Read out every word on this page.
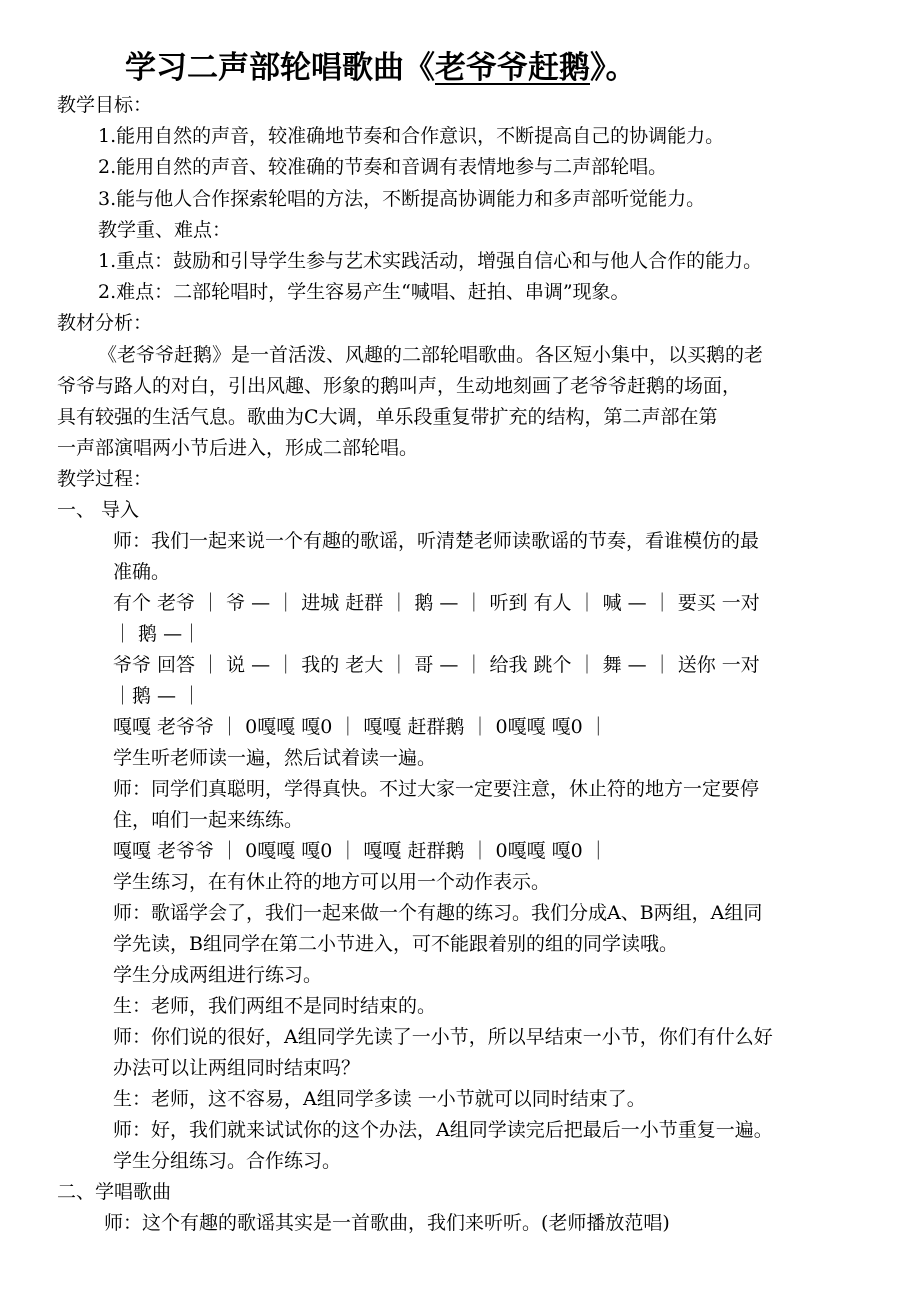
学习二声部轮唱歌曲《老爷爷赶鹅》。
教学目标：
1.能用自然的声音，较准确地节奏和合作意识，不断提高自己的协调能力。
2.能用自然的声音、较准确的节奏和音调有表情地参与二声部轮唱。
3.能与他人合作探索轮唱的方法，不断提高协调能力和多声部听觉能力。
教学重、难点：
1.重点：鼓励和引导学生参与艺术实践活动，增强自信心和与他人合作的能力。
2.难点：二部轮唱时，学生容易产生“喊唱、赶拍、串调”现象。
教材分析：
《老爷爷赶鹅》是一首活泼、风趣的二部轮唱歌曲。各区短小集中，以买鹅的老
爷爷与路人的对白，引出风趣、形象的鹅叫声，生动地刻画了老爷爷赶鹅的场面，
具有较强的生活气息。歌曲为C大调，单乐段重复带扩充的结构，第二声部在第
一声部演唱两小节后进入，形成二部轮唱。
教学过程：
一、 导入
师：我们一起来说一个有趣的歌谣，听清楚老师读歌谣的节奏，看谁模仿的最
准确。
有个 老爷 ｜ 爷 — ｜ 进城 赶群 ｜ 鹅 — ｜ 听到 有人 ｜ 喊 — ｜ 要买 一对
｜ 鹅 —｜
爷爷 回答 ｜ 说 — ｜ 我的 老大 ｜ 哥 — ｜ 给我 跳个 ｜ 舞 — ｜ 送你 一对
｜鹅 — ｜
嘎嘎 老爷爷 ｜ 0嘎嘎 嘎0 ｜ 嘎嘎 赶群鹅 ｜ 0嘎嘎 嘎0 ｜
学生听老师读一遍，然后试着读一遍。
师：同学们真聪明，学得真快。不过大家一定要注意，休止符的地方一定要停
住，咱们一起来练练。
嘎嘎 老爷爷 ｜ 0嘎嘎 嘎0 ｜ 嘎嘎 赶群鹅 ｜ 0嘎嘎 嘎0 ｜
学生练习，在有休止符的地方可以用一个动作表示。
师：歌谣学会了，我们一起来做一个有趣的练习。我们分成A、B两组，A组同
学先读，B组同学在第二小节进入，可不能跟着别的组的同学读哦。
学生分成两组进行练习。
生：老师，我们两组不是同时结束的。
师：你们说的很好，A组同学先读了一小节，所以早结束一小节，你们有什么好
办法可以让两组同时结束吗？
生：老师，这不容易，A组同学多读 一小节就可以同时结束了。
师：好，我们就来试试你的这个办法，A组同学读完后把最后一小节重复一遍。
学生分组练习。合作练习。
二、学唱歌曲
师：这个有趣的歌谣其实是一首歌曲，我们来听听。(老师播放范唱)
